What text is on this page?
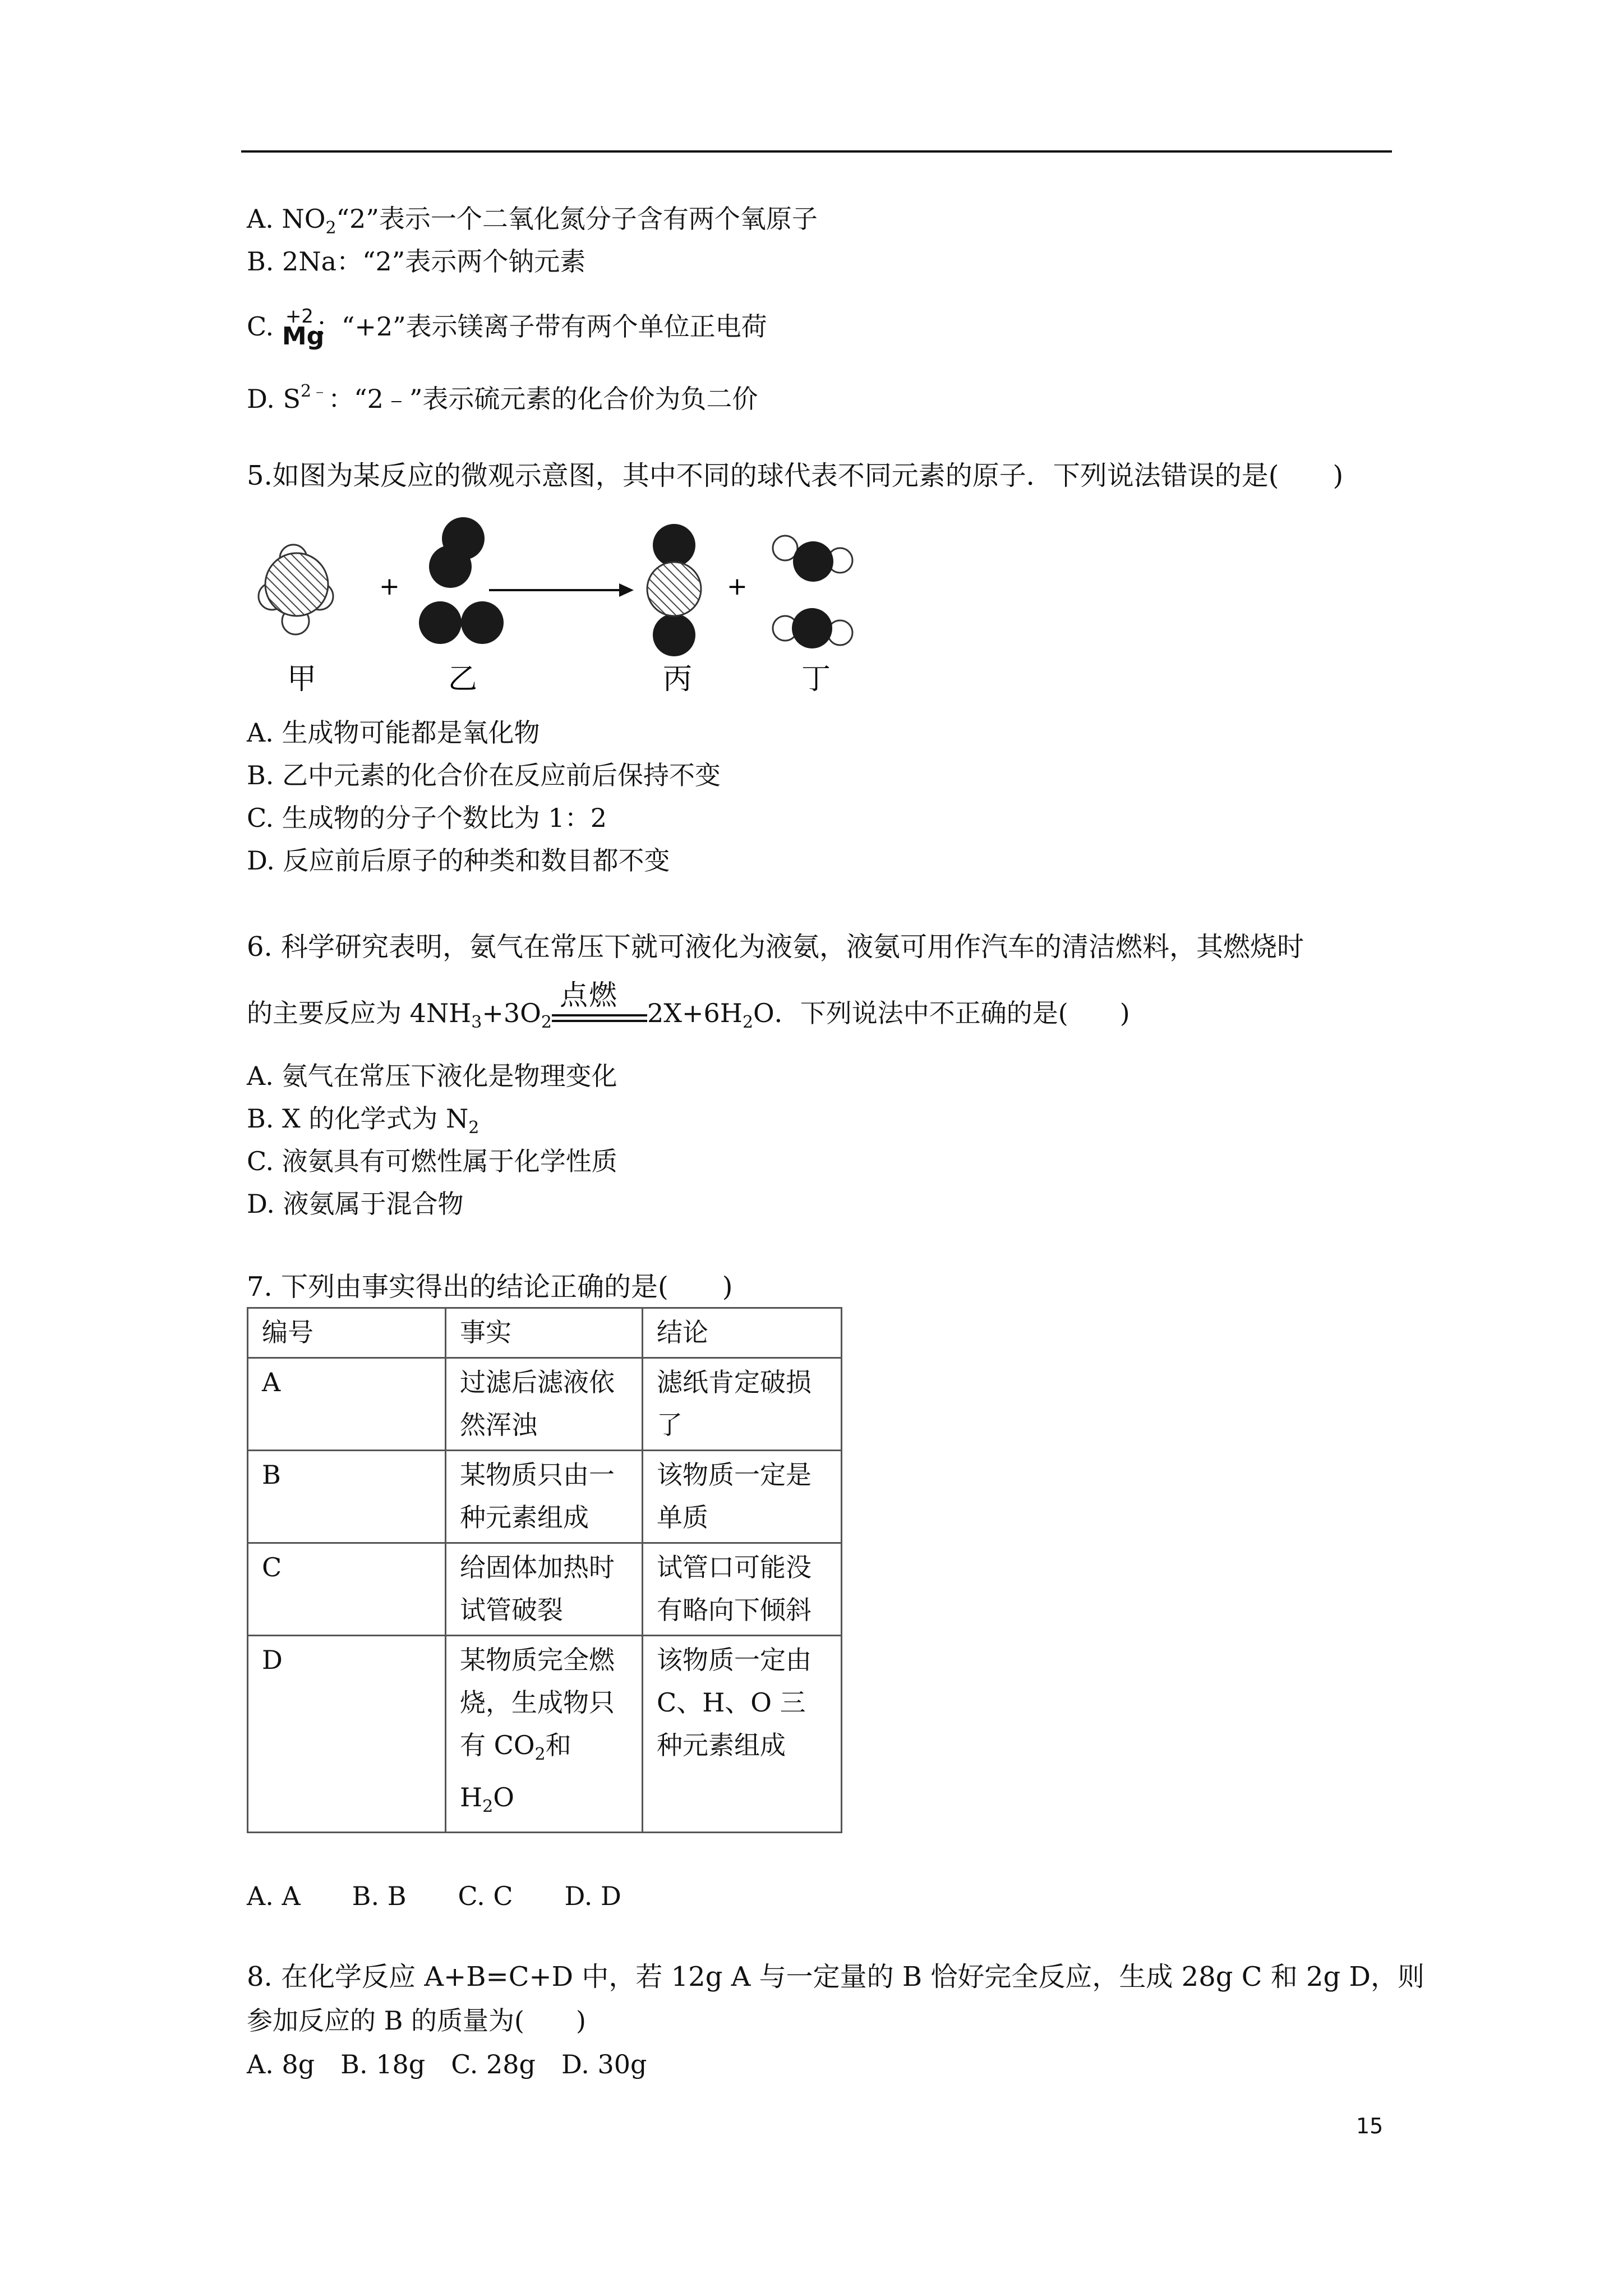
A. $NO_2“2$”表示一个二氧化氮分子含有两个氧原子
B. 2Na：“2”表示两个钠元素
C. +2
Mg
：“+2”表示镁离子带有两个单位正电荷
D. $S^{2﹣}$：“2﹣”表示硫元素的化合价为负二价
5.如图为某反应的微观示意图，其中不同的球代表不同元素的原子．下列说法错误的是(　　)
+	+
甲	乙	丙	丁
A. 生成物可能都是氧化物
B. 乙中元素的化合价在反应前后保持不变
C. 生成物的分子个数比为 1：2
D. 反应前后原子的种类和数目都不变
6. 科学研究表明，氨气在常压下就可液化为液氨，液氨可用作汽车的清洁燃料，其燃烧时
的主要反应为 $4NH_3+3O_2$
点燃
$2X+6H_2O$．下列说法中不正确的是(　　)
A. 氨气在常压下液化是物理变化
B. X 的化学式为 $N_2$
C. 液氨具有可燃性属于化学性质
D. 液氨属于混合物
7. 下列由事实得出的结论正确的是(　　)
编号	事实	结论
A	过滤后滤液依然浑浊	滤纸肯定破损了
B	某物质只由一种元素组成	该物质一定是单质
C	给固体加热时试管破裂	试管口可能没有略向下倾斜
D	某物质完全燃烧，生成物只有 $CO_2$和 $H_2O$	该物质一定由 C、H、O 三种元素组成
A. A　　B. B　　C. C　　D. D
8. 在化学反应 A+B=C+D 中，若 12g A 与一定量的 B 恰好完全反应，生成 28g C 和 2g D，则
参加反应的 B 的质量为(　　)
A. 8g　B. 18g　C. 28g　D. 30g
15
